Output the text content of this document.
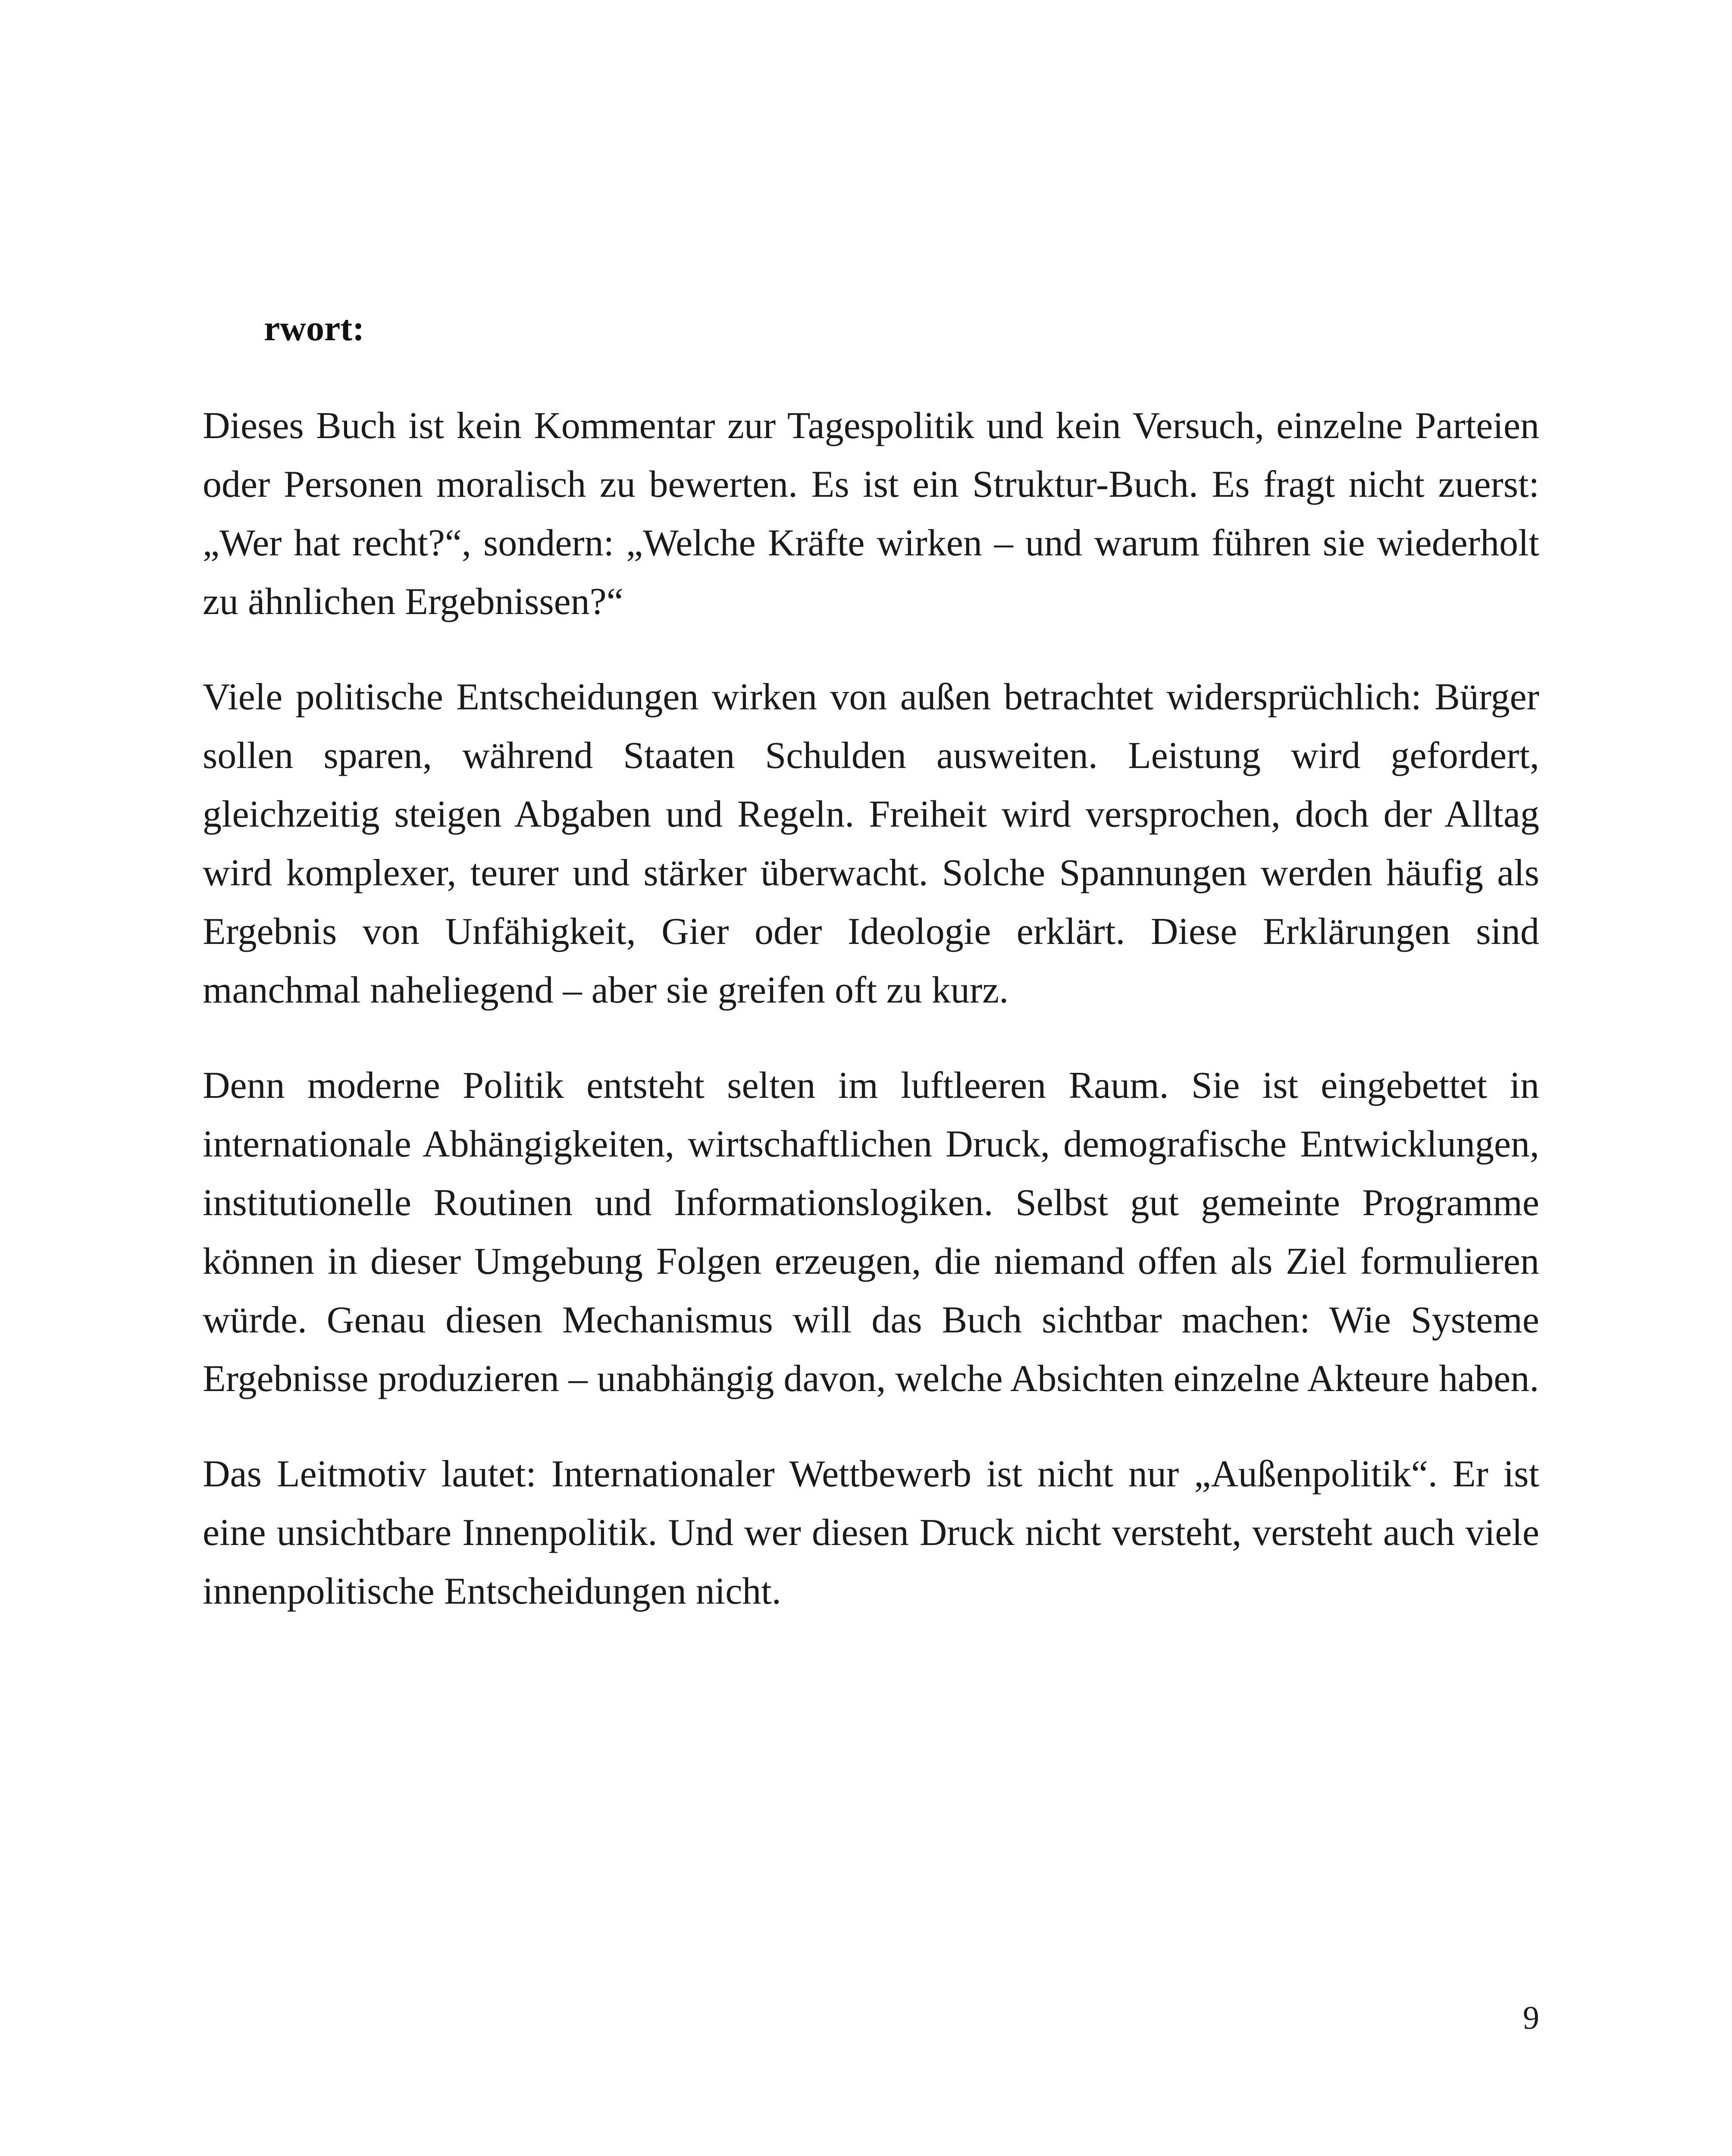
rwort:

Dieses Buch ist kein Kommentar zur Tagespolitik und kein Versuch, einzelne Parteien oder Personen moralisch zu bewerten. Es ist ein Struktur-Buch. Es fragt nicht zuerst: „Wer hat recht?“, sondern: „Welche Kräfte wirken – und warum führen sie wiederholt zu ähnlichen Ergebnissen?“

Viele politische Entscheidungen wirken von außen betrachtet widersprüchlich: Bürger sollen sparen, während Staaten Schulden ausweiten. Leistung wird gefordert, gleichzeitig steigen Abgaben und Regeln. Freiheit wird versprochen, doch der Alltag wird komplexer, teurer und stärker überwacht. Solche Spannungen werden häufig als Ergebnis von Unfähigkeit, Gier oder Ideologie erklärt. Diese Erklärungen sind manchmal naheliegend – aber sie greifen oft zu kurz.

Denn moderne Politik entsteht selten im luftleeren Raum. Sie ist eingebettet in internationale Abhängigkeiten, wirtschaftlichen Druck, demografische Entwicklungen, institutionelle Routinen und Informationslogiken. Selbst gut gemeinte Programme können in dieser Umgebung Folgen erzeugen, die niemand offen als Ziel formulieren würde. Genau diesen Mechanismus will das Buch sichtbar machen: Wie Systeme Ergebnisse produzieren – unabhängig davon, welche Absichten einzelne Akteure haben.

Das Leitmotiv lautet: Internationaler Wettbewerb ist nicht nur „Außenpolitik“. Er ist eine unsichtbare Innenpolitik. Und wer diesen Druck nicht versteht, versteht auch viele innenpolitische Entscheidungen nicht.

9
